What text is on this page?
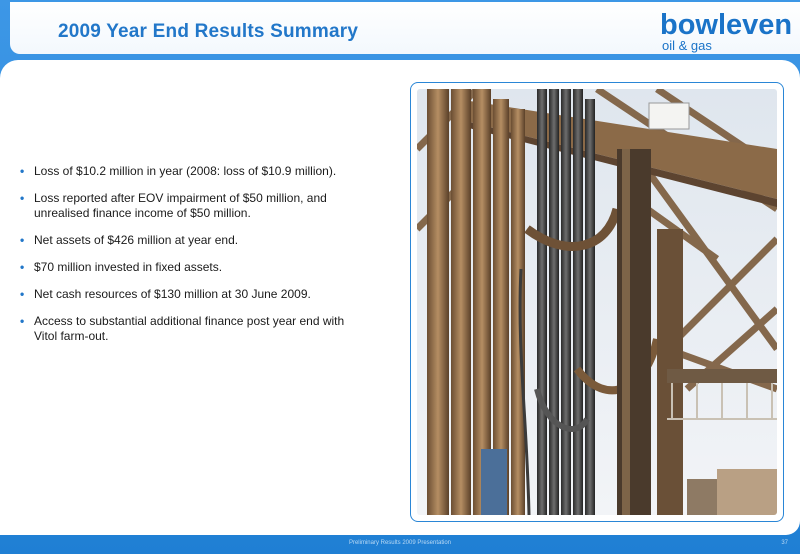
2009 Year End Results Summary	bowleven
oil & gas
• Loss of $10.2 million in year (2008: loss of $10.9 million).
• Loss reported after EOV impairment of $50 million, and unrealised finance income of $50 million.
• Net assets of $426 million at year end.
• $70 million invested in fixed assets.
• Net cash resources of $130 million at 30 June 2009.
• Access to substantial additional finance post year end with Vitol farm-out.
Preliminary Results 2009 Presentation	37
